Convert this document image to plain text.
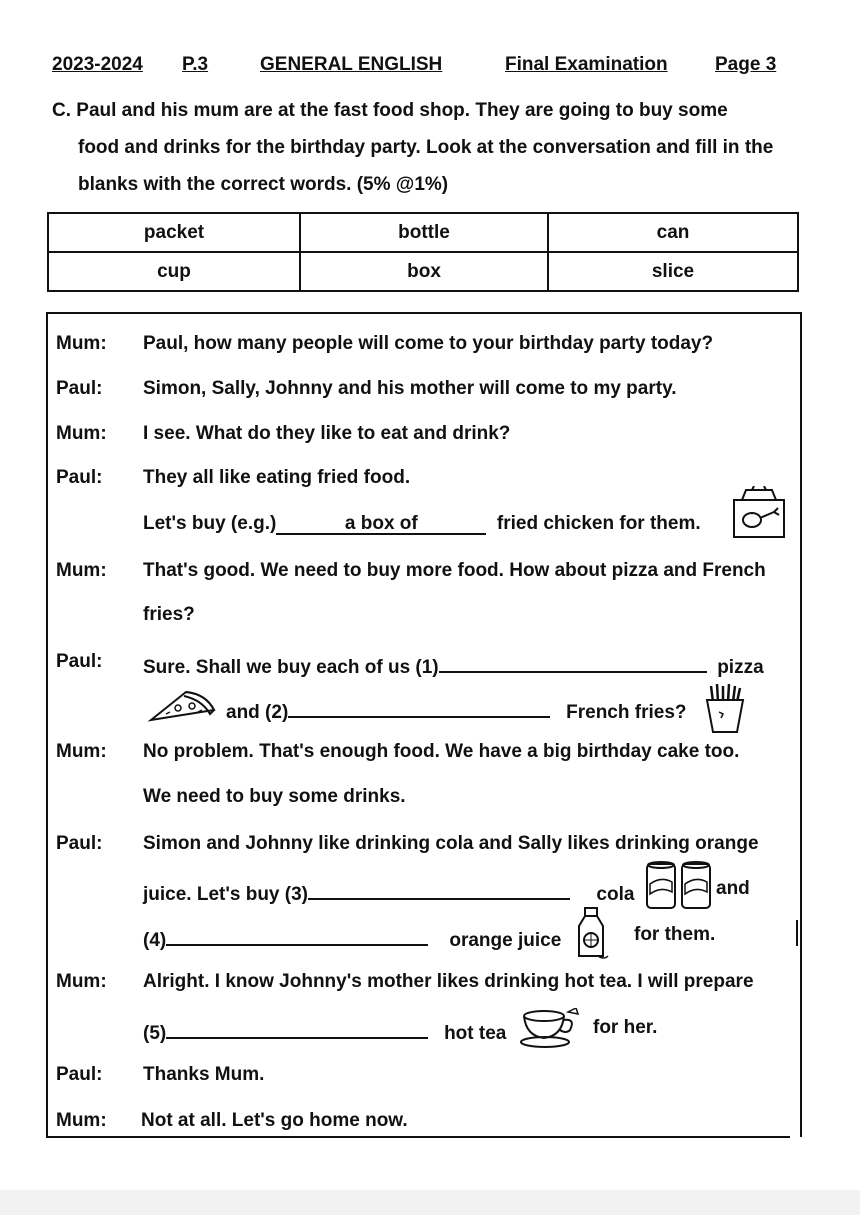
2023-2024 P.3	GENERAL ENGLISH	Final Examination Page 3
C. Paul and his mum are at the fast food shop. They are going to buy some
food and drinks for the birthday party. Look at the conversation and fill in the
blanks with the correct words. (5% @1%)
packet	bottle	can
cup	box	slice
Mum: Paul, how many people will come to your birthday party today?
Paul: Simon, Sally, Johnny and his mother will come to my party.
Mum: I see. What do they like to eat and drink?
Paul: They all like eating fried food.
Let's buy (e.g.)	a box of	fried chicken for them.
Mum: That's good. We need to buy more food. How about pizza and French
fries?
Paul: Sure. Shall we buy each of us (1)	pizza
and (2)	French fries?
Mum: No problem. That's enough food. We have a big birthday cake too.
We need to buy some drinks.
Paul: Simon and Johnny like drinking cola and Sally likes drinking orange
juice. Let's buy (3)	cola	and
(4)	orange juice	for them.
Mum: Alright. I know Johnny's mother likes drinking hot tea. I will prepare
(5)	hot tea	for her.
Paul: Thanks Mum.
Mum: Not at all. Let's go home now.
